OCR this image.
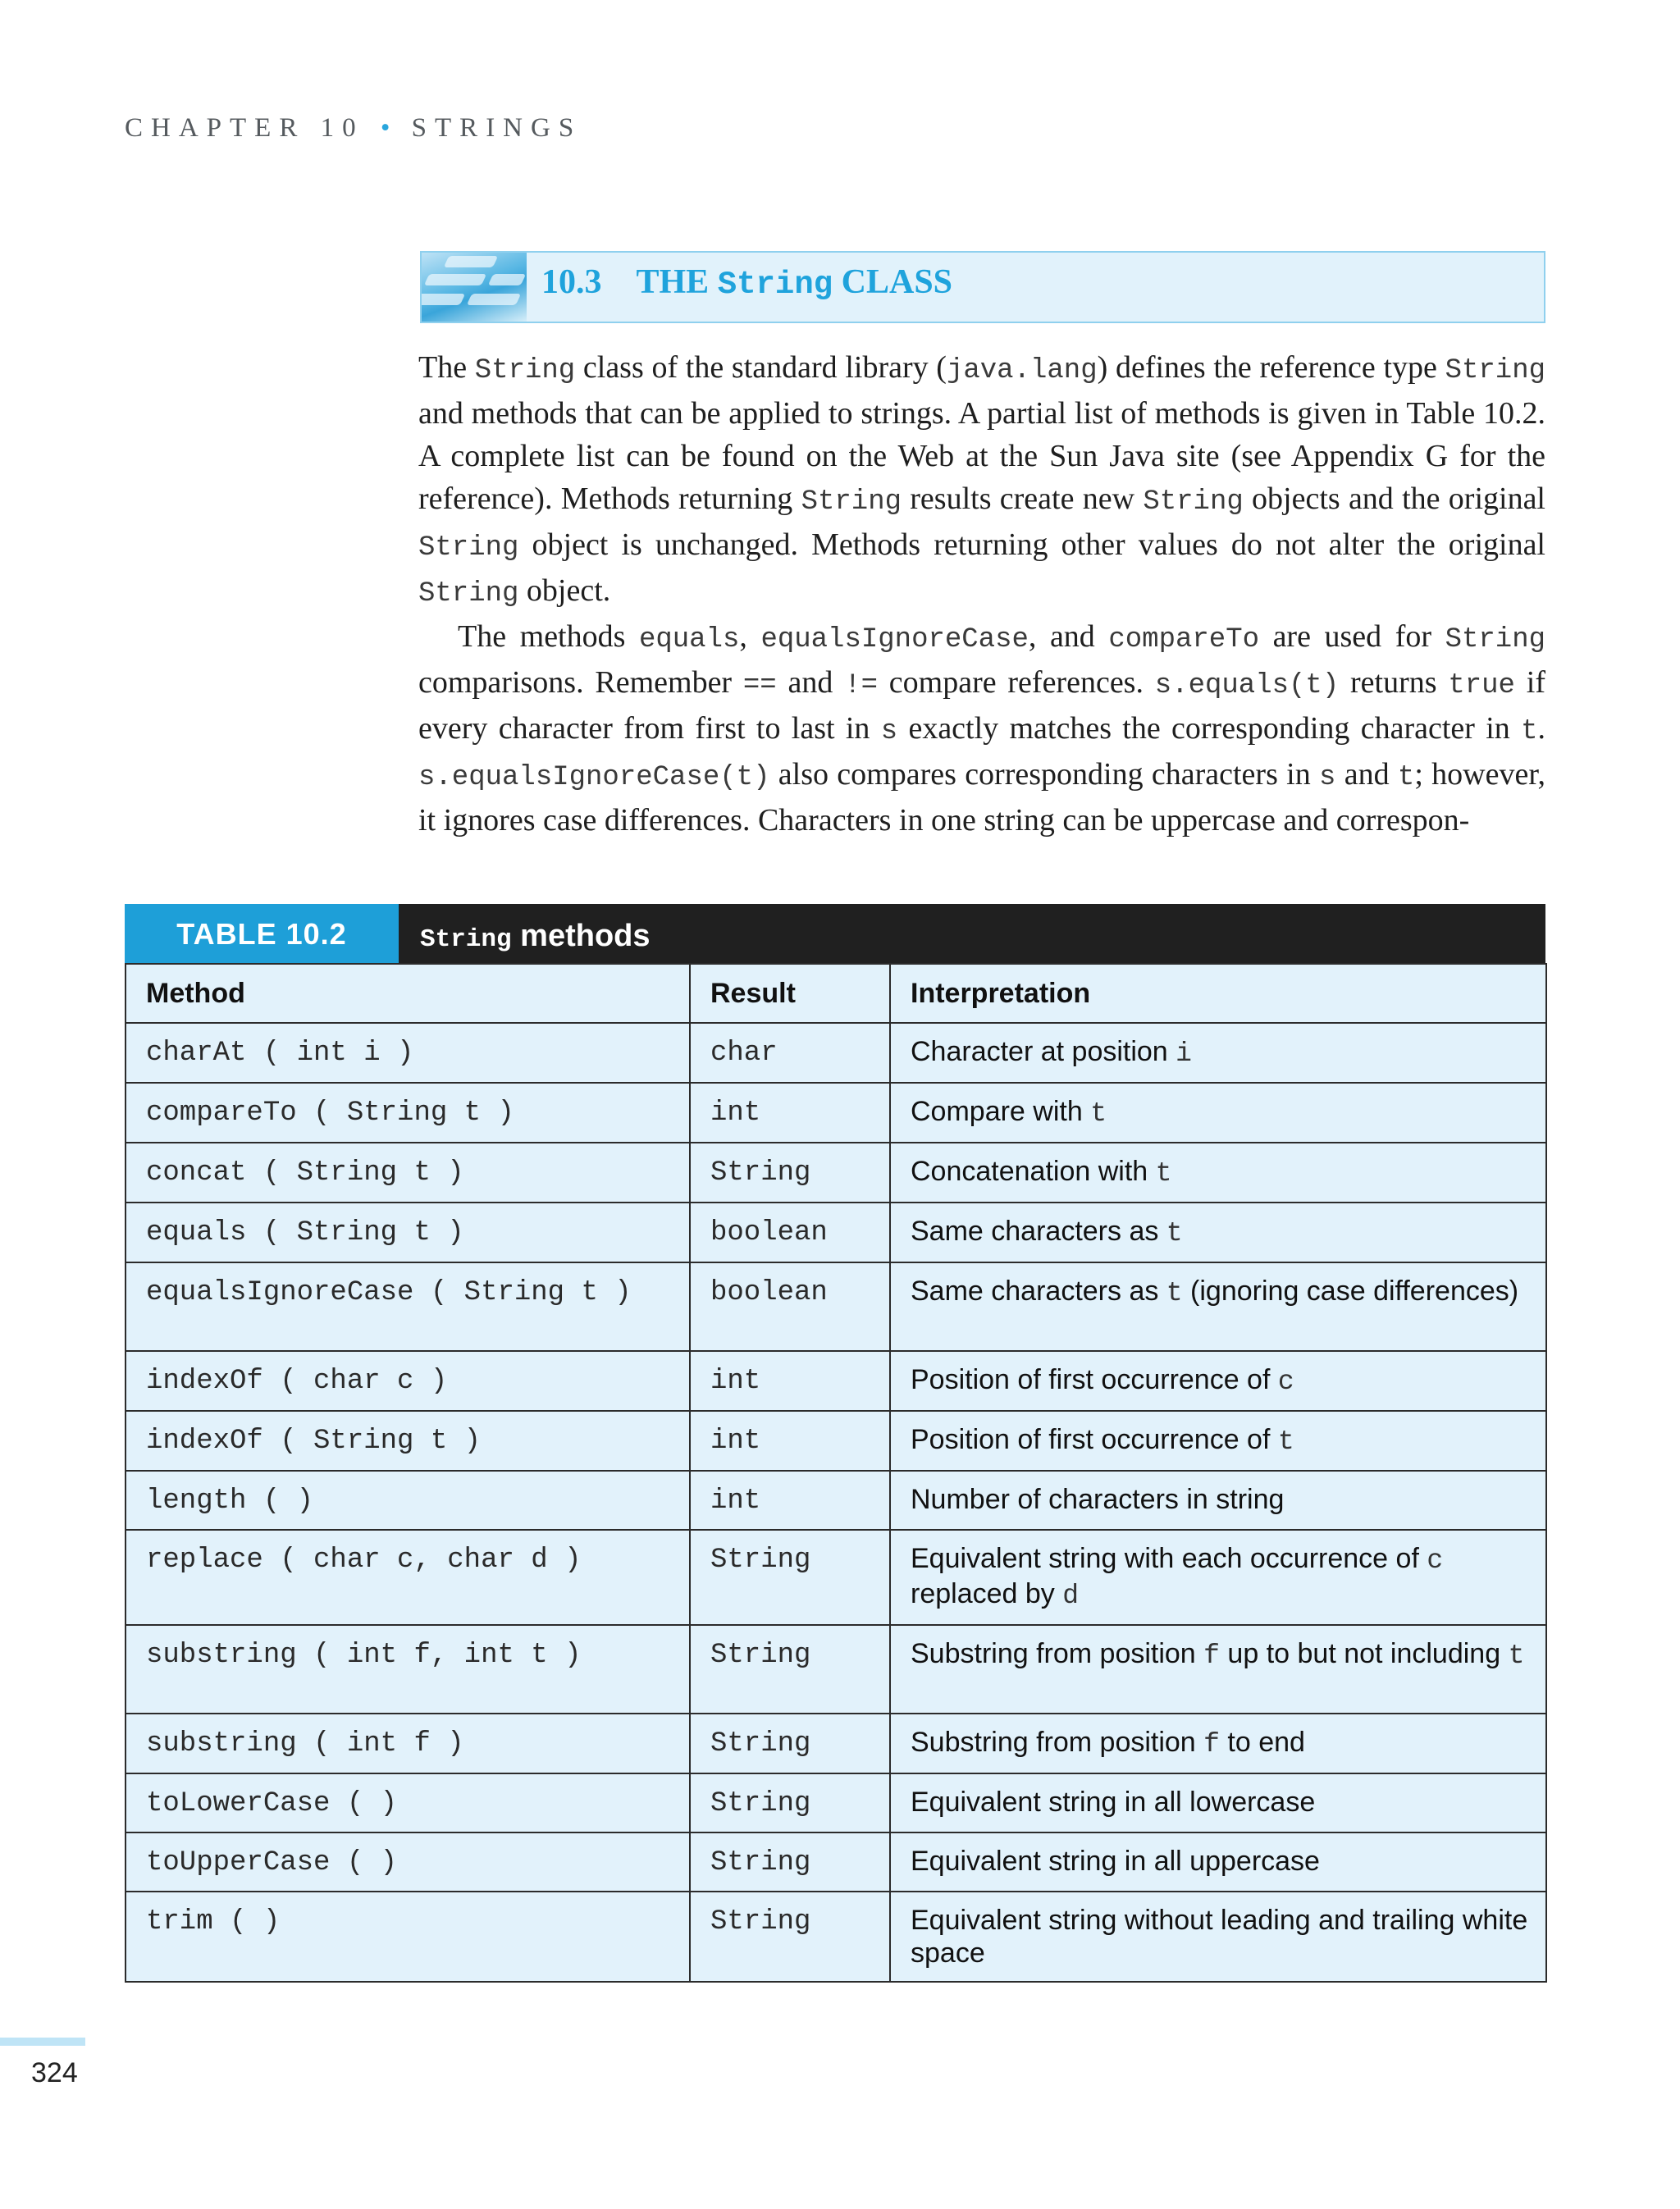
CHAPTER 10 • STRINGS
10.3 THE String CLASS

The String class of the standard library (java.lang) defines the reference type String and methods that can be applied to strings. A partial list of methods is given in Table 10.2. A complete list can be found on the Web at the Sun Java site (see Appendix G for the reference). Methods returning String results create new String objects and the original String object is unchanged. Methods returning other values do not alter the original String object.

The methods equals, equalsIgnoreCase, and compareTo are used for String comparisons. Remember == and != compare references. s.equals(t) returns true if every character from first to last in s exactly matches the corresponding character in t. s.equalsIgnoreCase(t) also compares corresponding characters in s and t; however, it ignores case differences. Characters in one string can be uppercase and correspon-

TABLE 10.2	String methods
Method	Result	Interpretation
charAt ( int i )	char	Character at position i
compareTo ( String t )	int	Compare with t
concat ( String t )	String	Concatenation with t
equals ( String t )	boolean	Same characters as t
equalsIgnoreCase ( String t )	boolean	Same characters as t (ignoring case differences)
indexOf ( char c )	int	Position of first occurrence of c
indexOf ( String t )	int	Position of first occurrence of t
length ( )	int	Number of characters in string
replace ( char c, char d )	String	Equivalent string with each occurrence of c replaced by d
substring ( int f, int t )	String	Substring from position f up to but not including t
substring ( int f )	String	Substring from position f to end
toLowerCase ( )	String	Equivalent string in all lowercase
toUpperCase ( )	String	Equivalent string in all uppercase
trim ( )	String	Equivalent string without leading and trailing white space
324
